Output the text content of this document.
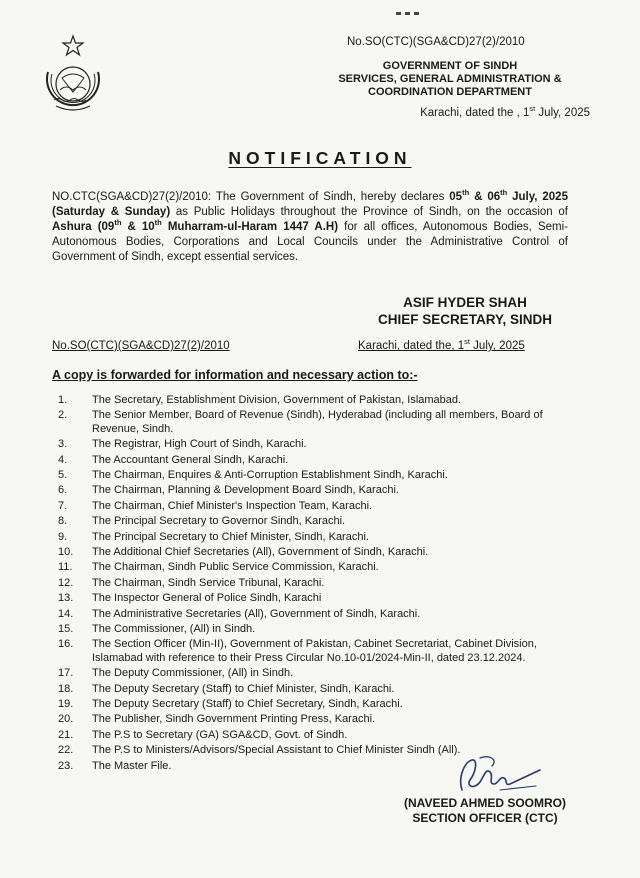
No.SO(CTC)(SGA&CD)27(2)/2010
GOVERNMENT OF SINDH
SERVICES, GENERAL ADMINISTRATION &
COORDINATION DEPARTMENT
Karachi, dated the , 1st July, 2025
NOTIFICATION
NO.CTC(SGA&CD)27(2)/2010: The Government of Sindh, hereby declares 05th & 06th July, 2025 (Saturday & Sunday) as Public Holidays throughout the Province of Sindh, on the occasion of Ashura (09th & 10th Muharram-ul-Haram 1447 A.H) for all offices, Autonomous Bodies, Semi-Autonomous Bodies, Corporations and Local Councils under the Administrative Control of Government of Sindh, except essential services.
ASIF HYDER SHAH
CHIEF SECRETARY, SINDH
No.SO(CTC)(SGA&CD)27(2)/2010	Karachi, dated the, 1st July, 2025
A copy is forwarded for information and necessary action to:-
1.	The Secretary, Establishment Division, Government of Pakistan, Islamabad.
2.	The Senior Member, Board of Revenue (Sindh), Hyderabad (including all members, Board of Revenue, Sindh.
3.	The Registrar, High Court of Sindh, Karachi.
4.	The Accountant General Sindh, Karachi.
5.	The Chairman, Enquires & Anti-Corruption Establishment Sindh, Karachi.
6.	The Chairman, Planning & Development Board Sindh, Karachi.
7.	The Chairman, Chief Minister's Inspection Team, Karachi.
8.	The Principal Secretary to Governor Sindh, Karachi.
9.	The Principal Secretary to Chief Minister, Sindh, Karachi.
10.	The Additional Chief Secretaries (All), Government of Sindh, Karachi.
11.	The Chairman, Sindh Public Service Commission, Karachi.
12.	The Chairman, Sindh Service Tribunal, Karachi.
13.	The Inspector General of Police Sindh, Karachi
14.	The Administrative Secretaries (All), Government of Sindh, Karachi.
15.	The Commissioner, (All) in Sindh.
16.	The Section Officer (Min-II), Government of Pakistan, Cabinet Secretariat, Cabinet Division, Islamabad with reference to their Press Circular No.10-01/2024-Min-II, dated 23.12.2024.
17.	The Deputy Commissioner, (All) in Sindh.
18.	The Deputy Secretary (Staff) to Chief Minister, Sindh, Karachi.
19.	The Deputy Secretary (Staff) to Chief Secretary, Sindh, Karachi.
20.	The Publisher, Sindh Government Printing Press, Karachi.
21.	The P.S to Secretary (GA) SGA&CD, Govt. of Sindh.
22.	The P.S to Ministers/Advisors/Special Assistant to Chief Minister Sindh (All).
23.	The Master File.
(NAVEED AHMED SOOMRO)
SECTION OFFICER (CTC)
